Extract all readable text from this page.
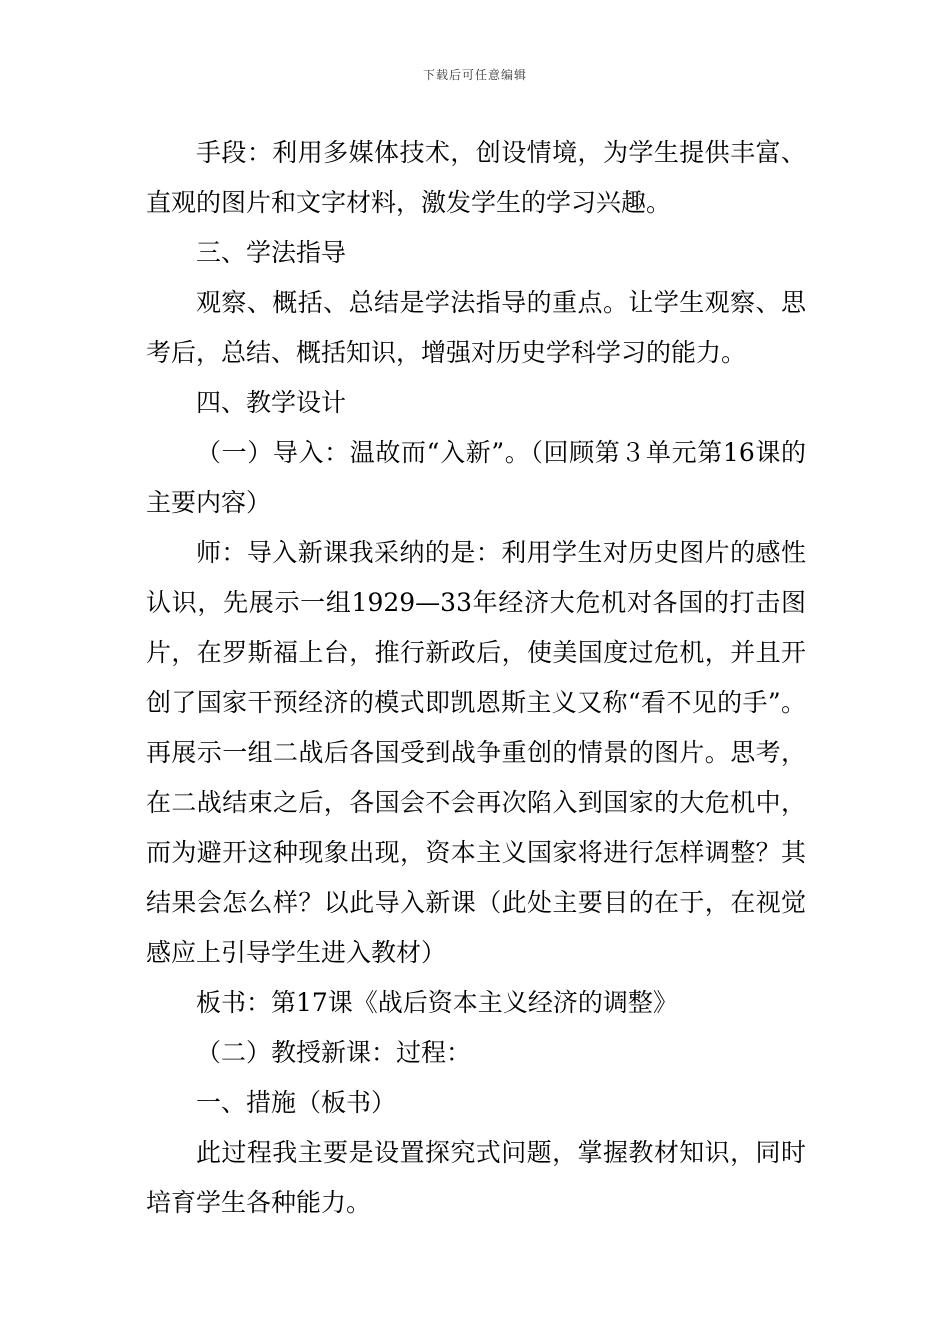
下载后可任意编辑

手段：利用多媒体技术，创设情境，为学生提供丰富、直观的图片和文字材料，激发学生的学习兴趣。

三、学法指导

观察、概括、总结是学法指导的重点。让学生观察、思考后，总结、概括知识，增强对历史学科学习的能力。

四、教学设计

（一）导入：温故而“入新”。（回顾第３单元第16课的主要内容）

师：导入新课我采纳的是：利用学生对历史图片的感性认识，先展示一组1929—33年经济大危机对各国的打击图片，在罗斯福上台，推行新政后，使美国度过危机，并且开创了国家干预经济的模式即凯恩斯主义又称“看不见的手”。再展示一组二战后各国受到战争重创的情景的图片。思考，在二战结束之后，各国会不会再次陷入到国家的大危机中，而为避开这种现象出现，资本主义国家将进行怎样调整？其结果会怎么样？以此导入新课（此处主要目的在于，在视觉感应上引导学生进入教材）

板书：第17课《战后资本主义经济的调整》

（二）教授新课：过程：

一、措施（板书）

此过程我主要是设置探究式问题，掌握教材知识，同时培育学生各种能力。
